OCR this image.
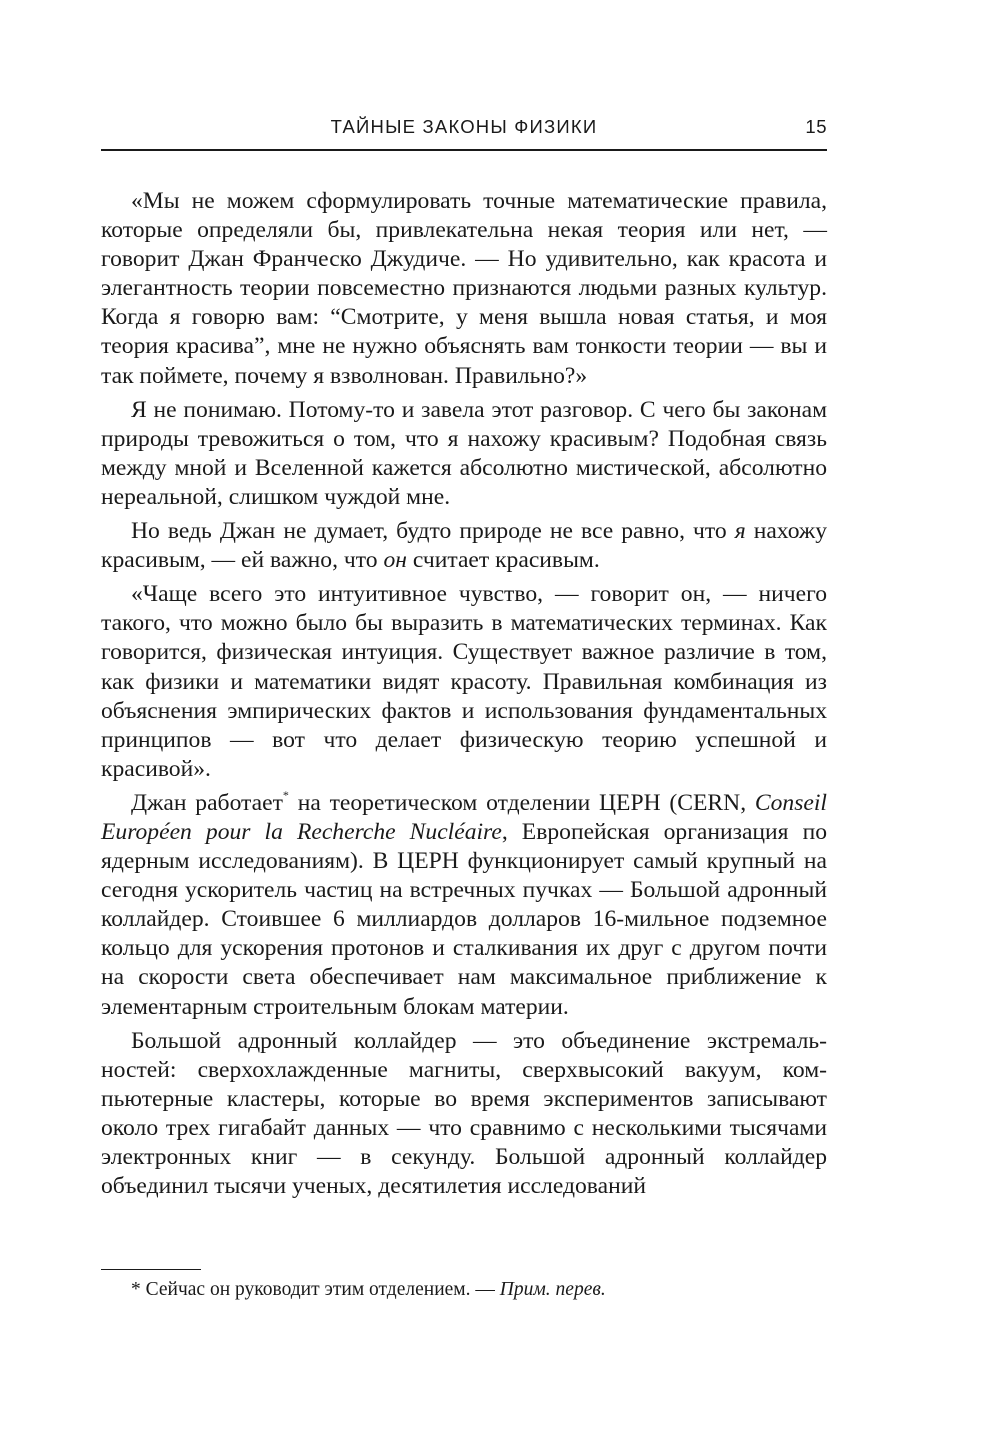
ТАЙНЫЕ ЗАКОНЫ ФИЗИКИ	15

«Мы не можем сформулировать точные математические правила, которые определяли бы, привлекательна некая теория или нет, — говорит Джан Франческо Джудиче. — Но удивительно, как красота и элегантность теории повсеместно признаются людьми разных культур. Когда я говорю вам: “Смотрите, у меня вышла новая статья, и моя теория красива”, мне не нужно объяснять вам тонкости теории — вы и так поймете, почему я взволнован. Правильно?»

Я не понимаю. Потому-то и завела этот разговор. С чего бы законам природы тревожиться о том, что я нахожу красивым? Подобная связь между мной и Вселенной кажется абсолютно мистической, абсолютно нереальной, слишком чуждой мне.

Но ведь Джан не думает, будто природе не все равно, что я нахожу красивым, — ей важно, что он считает красивым.

«Чаще всего это интуитивное чувство, — говорит он, — ничего такого, что можно было бы выразить в математических терминах. Как говорится, физическая интуиция. Существует важное различие в том, как физики и математики видят красоту. Правильная комбинация из объяснения эмпирических фактов и использования фундаментальных принципов — вот что делает физическую теорию успешной и красивой».

Джан работает* на теоретическом отделении ЦЕРН (CERN, Conseil Européen pour la Recherche Nucléaire, Европейская организация по ядерным исследованиям). В ЦЕРН функционирует самый крупный на сегодня ускоритель частиц на встречных пучках — Большой адронный коллайдер. Стоившее 6 миллиардов долларов 16-мильное подземное кольцо для ускорения протонов и сталкивания их друг с другом почти на скорости света обеспечивает нам максимальное приближение к элементарным строительным блокам материи.

Большой адронный коллайдер — это объединение экстремальностей: сверхохлажденные магниты, сверхвысокий вакуум, компьютерные кластеры, которые во время экспериментов записывают около трех гигабайт данных — что сравнимо с несколькими тысячами электронных книг — в секунду. Большой адронный коллайдер объединил тысячи ученых, десятилетия исследований

* Сейчас он руководит этим отделением. — Прим. перев.
